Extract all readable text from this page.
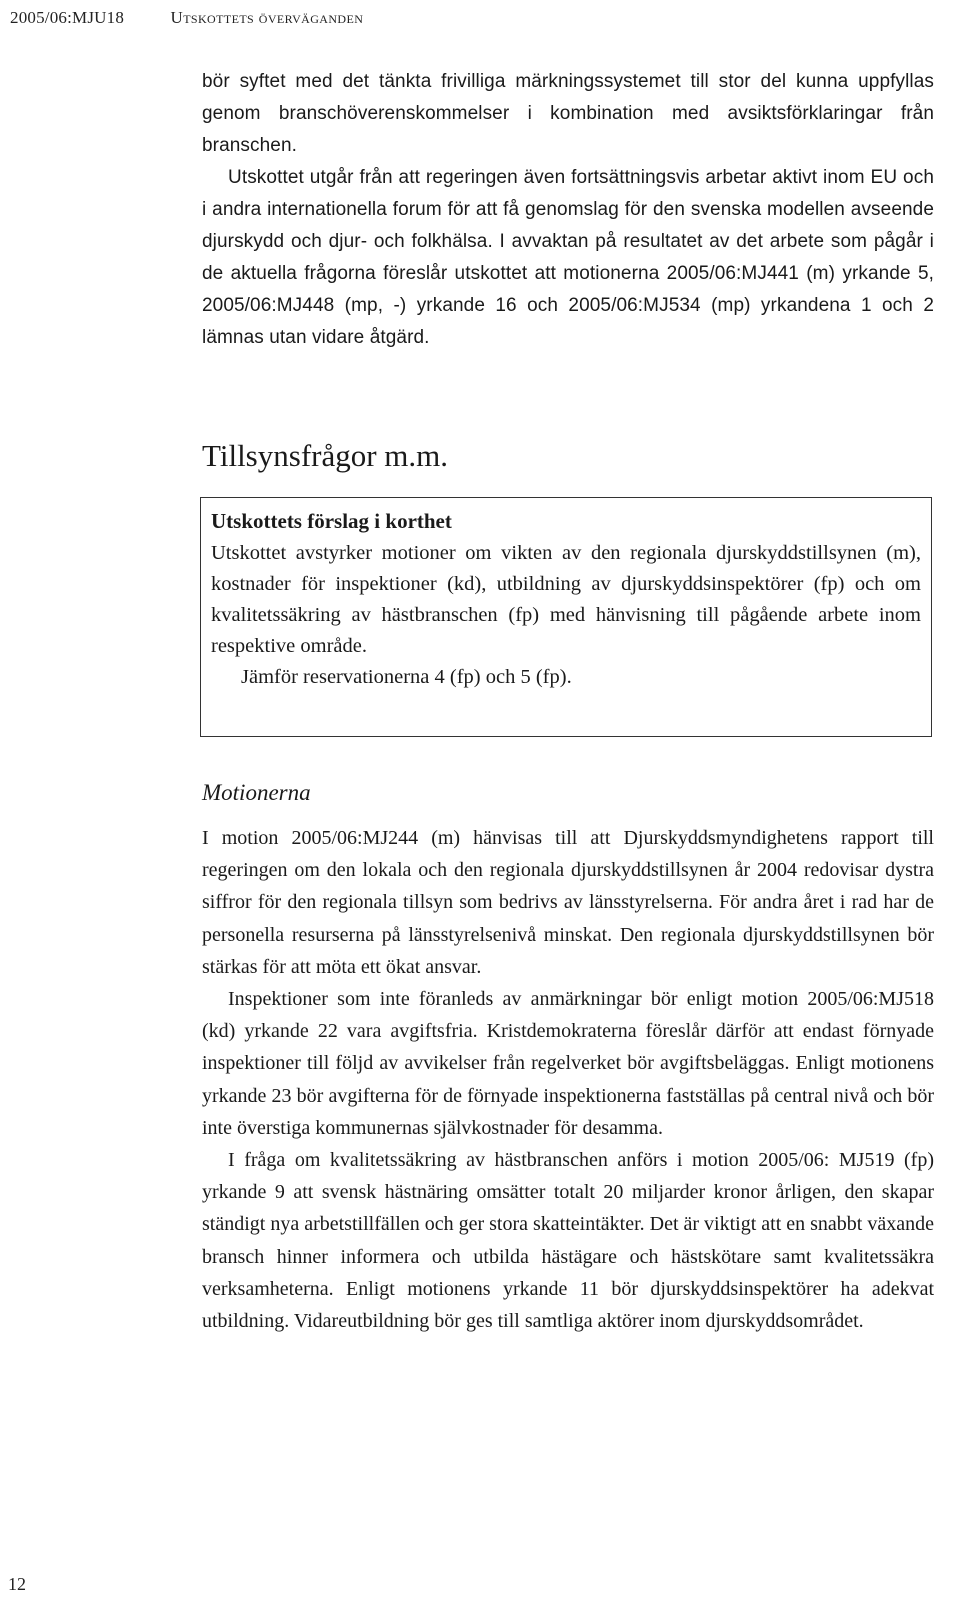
2005/06:MJU18	Utskottets överväganden

bör syftet med det tänkta frivilliga märkningssystemet till stor del kunna uppfyllas genom branschöverenskommelser i kombination med avsiktsförklaringar från branschen.

Utskottet utgår från att regeringen även fortsättningsvis arbetar aktivt inom EU och i andra internationella forum för att få genomslag för den svenska modellen avseende djurskydd och djur- och folkhälsa. I avvaktan på resultatet av det arbete som pågår i de aktuella frågorna föreslår utskottet att motionerna 2005/06:MJ441 (m) yrkande 5, 2005/06:MJ448 (mp, -) yrkande 16 och 2005/06:MJ534 (mp) yrkandena 1 och 2 lämnas utan vidare åtgärd.

Tillsynsfrågor m.m.
Utskottets förslag i korthet

Utskottet avstyrker motioner om vikten av den regionala djurskyddstillsynen (m), kostnader för inspektioner (kd), utbildning av djurskyddsinspektörer (fp) och om kvalitetssäkring av hästbranschen (fp) med hänvisning till pågående arbete inom respektive område.

Jämför reservationerna 4 (fp) och 5 (fp).

Motionerna

I motion 2005/06:MJ244 (m) hänvisas till att Djurskyddsmyndighetens rapport till regeringen om den lokala och den regionala djurskyddstillsynen år 2004 redovisar dystra siffror för den regionala tillsyn som bedrivs av länsstyrelserna. För andra året i rad har de personella resurserna på länsstyrelsenivå minskat. Den regionala djurskyddstillsynen bör stärkas för att möta ett ökat ansvar.

Inspektioner som inte föranleds av anmärkningar bör enligt motion 2005/06:MJ518 (kd) yrkande 22 vara avgiftsfria. Kristdemokraterna föreslår därför att endast förnyade inspektioner till följd av avvikelser från regelverket bör avgiftsbeläggas. Enligt motionens yrkande 23 bör avgifterna för de förnyade inspektionerna fastställas på central nivå och bör inte överstiga kommunernas självkostnader för desamma.

I fråga om kvalitetssäkring av hästbranschen anförs i motion 2005/06: MJ519 (fp) yrkande 9 att svensk hästnäring omsätter totalt 20 miljarder kronor årligen, den skapar ständigt nya arbetstillfällen och ger stora skatteintäkter. Det är viktigt att en snabbt växande bransch hinner informera och utbilda hästägare och hästskötare samt kvalitetssäkra verksamheterna. Enligt motionens yrkande 11 bör djurskyddsinspektörer ha adekvat utbildning. Vidareutbildning bör ges till samtliga aktörer inom djurskyddsområdet.

12
